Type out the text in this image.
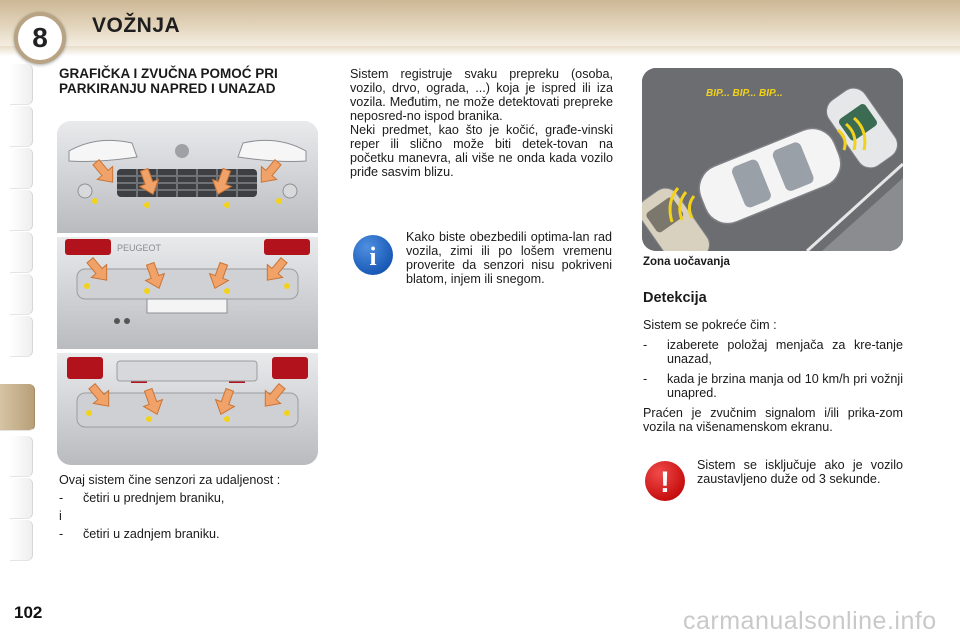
8	VOŽNJA
GRAFIČKA I ZVUČNA POMOĆ PRI PARKIRANJU NAPRED I UNAZAD
PEUGEOT

Ovaj sistem čine senzori za udaljenost :

- četiri u prednjem braniku,

i

- četiri u zadnjem braniku.

Sistem registruje svaku prepreku (osoba, vozilo, drvo, ograda, ...) koja je ispred ili iza vozila. Međutim, ne može detektovati prepreke neposred-no ispod branika.

Neki predmet, kao što je kočić, građe-vinski reper ili slično može biti detek-tovan na početku manevra, ali više ne onda kada vozilo priđe sasvim blizu.

i
Kako biste obezbedili optima-lan rad vozila, zimi ili po lošem vremenu proverite da senzori nisu pokriveni blatom, injem ili snegom.
BIP... BIP... BIP...
Zona uočavanja
Detekcija

Sistem se pokreće čim :

- izaberete položaj menjača za kre-tanje unazad,

- kada je brzina manja od 10 km/h pri vožnji unapred.

Praćen je zvučnim signalom i/ili prika-zom vozila na višenamenskom ekranu.

!
Sistem se isključuje ako je vozilo zaustavljeno duže od 3 sekunde.
102	carmanualsonline.info
